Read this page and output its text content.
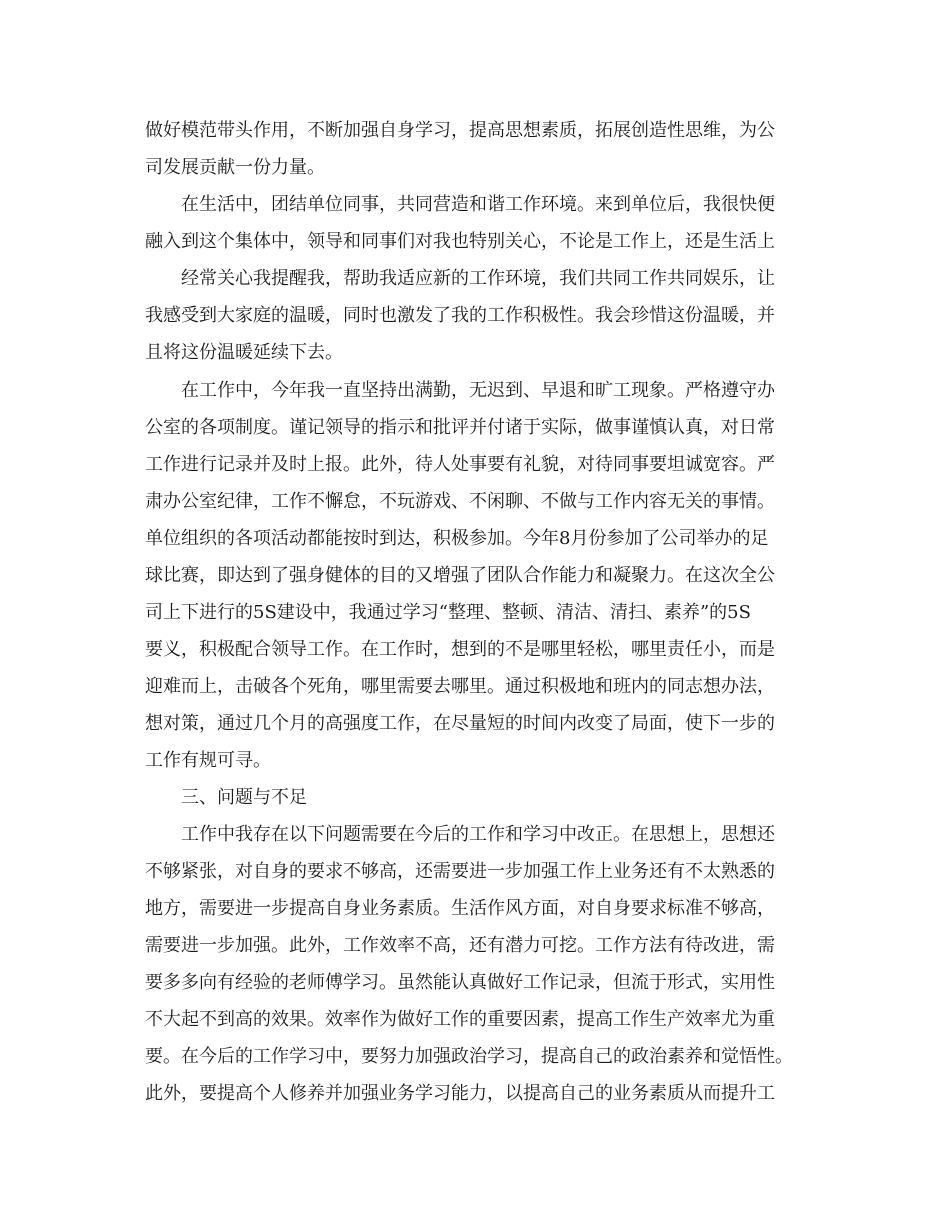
做好模范带头作用，不断加强自身学习，提高思想素质，拓展创造性思维，为公
司发展贡献一份力量。
在生活中，团结单位同事，共同营造和谐工作环境。来到单位后，我很快便
融入到这个集体中，领导和同事们对我也特别关心，不论是工作上，还是生活上
经常关心我提醒我，帮助我适应新的工作环境，我们共同工作共同娱乐，让
我感受到大家庭的温暖，同时也激发了我的工作积极性。我会珍惜这份温暖，并
且将这份温暖延续下去。
在工作中，今年我一直坚持出满勤，无迟到、早退和旷工现象。严格遵守办
公室的各项制度。谨记领导的指示和批评并付诸于实际，做事谨慎认真，对日常
工作进行记录并及时上报。此外，待人处事要有礼貌，对待同事要坦诚宽容。严
肃办公室纪律，工作不懈怠，不玩游戏、不闲聊、不做与工作内容无关的事情。
单位组织的各项活动都能按时到达，积极参加。今年8月份参加了公司举办的足
球比赛，即达到了强身健体的目的又增强了团队合作能力和凝聚力。在这次全公
司上下进行的5S建设中，我通过学习“整理、整顿、清洁、清扫、素养”的5S
要义，积极配合领导工作。在工作时，想到的不是哪里轻松，哪里责任小，而是
迎难而上，击破各个死角，哪里需要去哪里。通过积极地和班内的同志想办法，
想对策，通过几个月的高强度工作，在尽量短的时间内改变了局面，使下一步的
工作有规可寻。
三、问题与不足
工作中我存在以下问题需要在今后的工作和学习中改正。在思想上，思想还
不够紧张，对自身的要求不够高，还需要进一步加强工作上业务还有不太熟悉的
地方，需要进一步提高自身业务素质。生活作风方面，对自身要求标准不够高，
需要进一步加强。此外，工作效率不高，还有潜力可挖。工作方法有待改进，需
要多多向有经验的老师傅学习。虽然能认真做好工作记录，但流于形式，实用性
不大起不到高的效果。效率作为做好工作的重要因素，提高工作生产效率尤为重
要。在今后的工作学习中，要努力加强政治学习，提高自己的政治素养和觉悟性。
此外，要提高个人修养并加强业务学习能力，以提高自己的业务素质从而提升工
